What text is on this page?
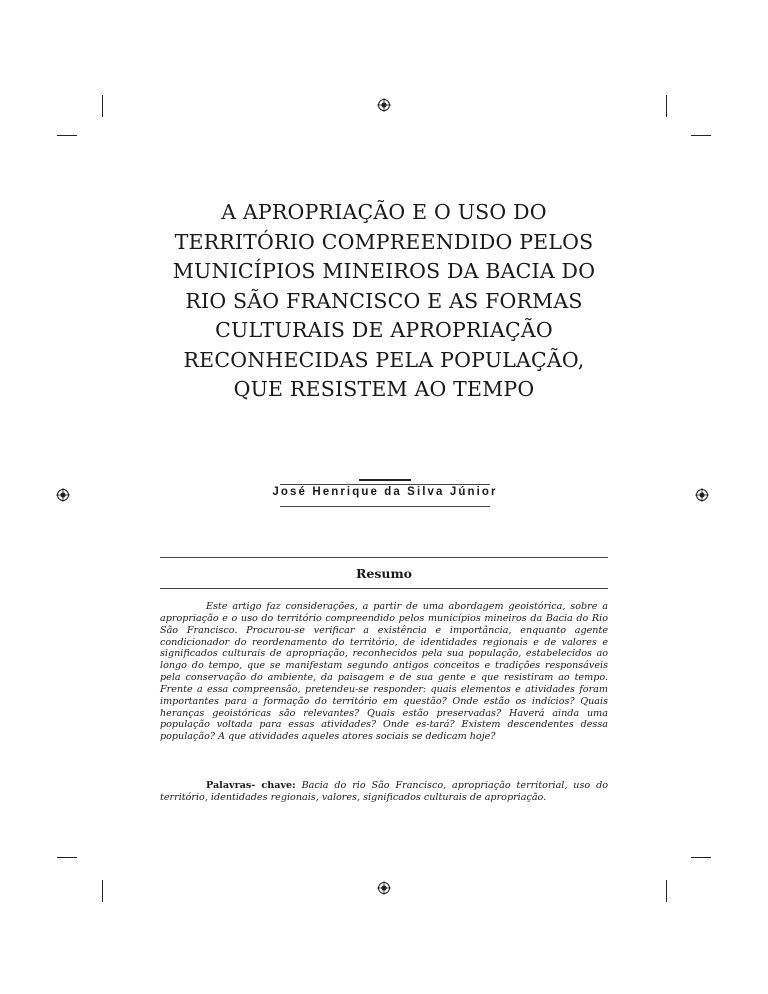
A APROPRIAÇÃO E O USO DO
TERRITÓRIO COMPREENDIDO PELOS
MUNICÍPIOS MINEIROS DA BACIA DO
RIO SÃO FRANCISCO E AS FORMAS
CULTURAIS DE APROPRIAÇÃO
RECONHECIDAS PELA POPULAÇÃO,
QUE RESISTEM AO TEMPO
José Henrique da Silva Júnior
Resumo

Este artigo faz considerações, a partir de uma abordagem geoistórica, sobre a apropriação e o uso do território compreendido pelos municípios mineiros da Bacia do Rio São Francisco. Procurou-se verificar a existência e importância, enquanto agente condicionador do reordenamento do território, de identidades regionais e de valores e significados culturais de apropriação, reconhecidos pela sua população, estabelecidos ao longo do tempo, que se manifestam segundo antigos conceitos e tradições responsáveis pela conservação do ambiente, da paisagem e de sua gente e que resistiram ao tempo. Frente a essa compreensão, pretendeu-se responder: quais elementos e atividades foram importantes para a formação do território em questão? Onde estão os indícios? Quais heranças geoistóricas são relevantes? Quais estão preservadas? Haverá ainda uma população voltada para essas atividades? Onde es-tará? Existem descendentes dessa população? A que atividades aqueles atores sociais se dedicam hoje?

Palavras- chave: Bacia do rio São Francisco, apropriação territorial, uso do território, identidades regionais, valores, significados culturais de apropriação.
